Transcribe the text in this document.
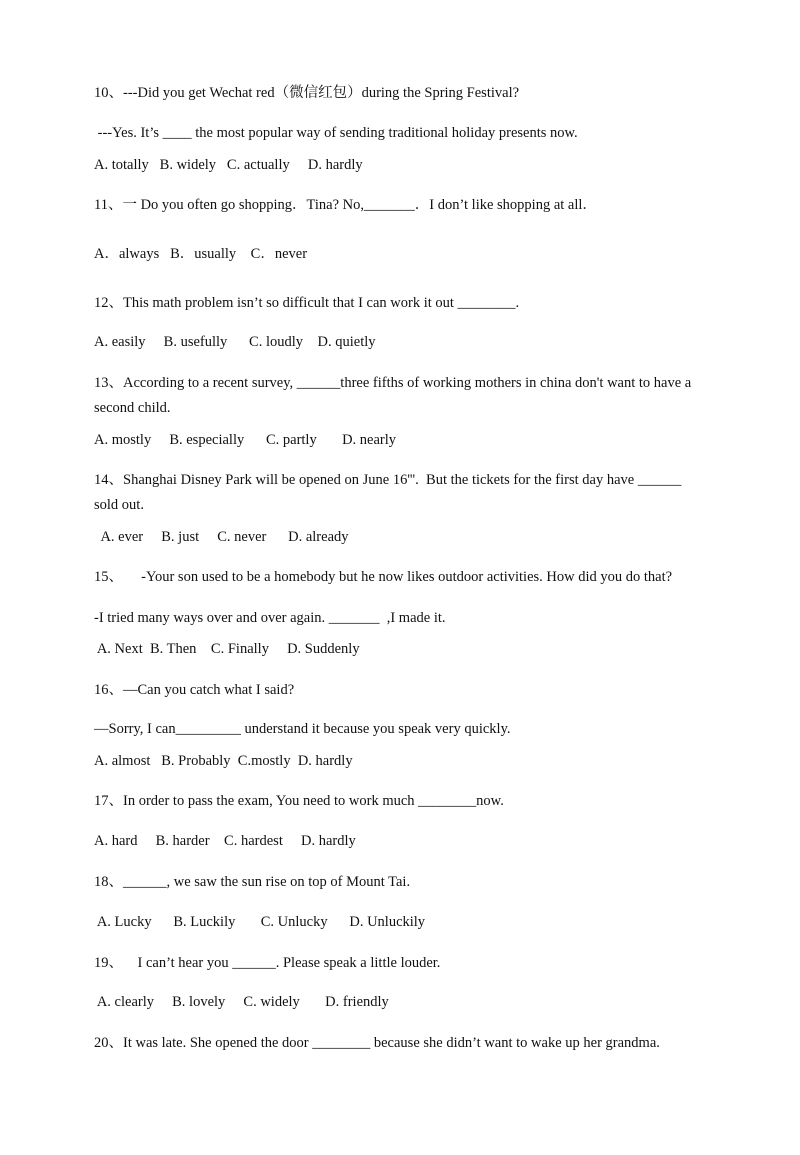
10、---Did you get Wechat red（微信红包）during the Spring Festival?
---Yes. It’s ____ the most popular way of sending traditional holiday presents now.
A. totally   B. widely   C. actually     D. hardly
11、一 Do you often go shopping．Tina? No,_______．I don’t like shopping at all．
A．always   B．usually    C．never
12、This math problem isn’t so difficult that I can work it out ________.
A. easily     B. usefully      C. loudly    D. quietly
13、According to a recent survey, ______three fifths of working mothers in china don't want to have a
second child.
A. mostly     B. especially      C. partly       D. nearly
14、Shanghai Disney Park will be opened on June 16'''.  But the tickets for the first day have ______
sold out.
A. ever     B. just     C. never      D. already
15、     -Your son used to be a homebody but he now likes outdoor activities. How did you do that?
-I tried many ways over and over again. _______  ,I made it.
A. Next  B. Then    C. Finally     D. Suddenly
16、—Can you catch what I said?
—Sorry, I can_________ understand it because you speak very quickly.
A. almost   B. Probably  C.mostly  D. hardly
17、In order to pass the exam, You need to work much ________now.
A. hard     B. harder    C. hardest     D. hardly
18、______, we saw the sun rise on top of Mount Tai.
A. Lucky      B. Luckily       C. Unlucky      D. Unluckily
19、    I can’t hear you ______. Please speak a little louder.
A. clearly     B. lovely     C. widely       D. friendly
20、It was late. She opened the door ________ because she didn’t want to wake up her grandma.
